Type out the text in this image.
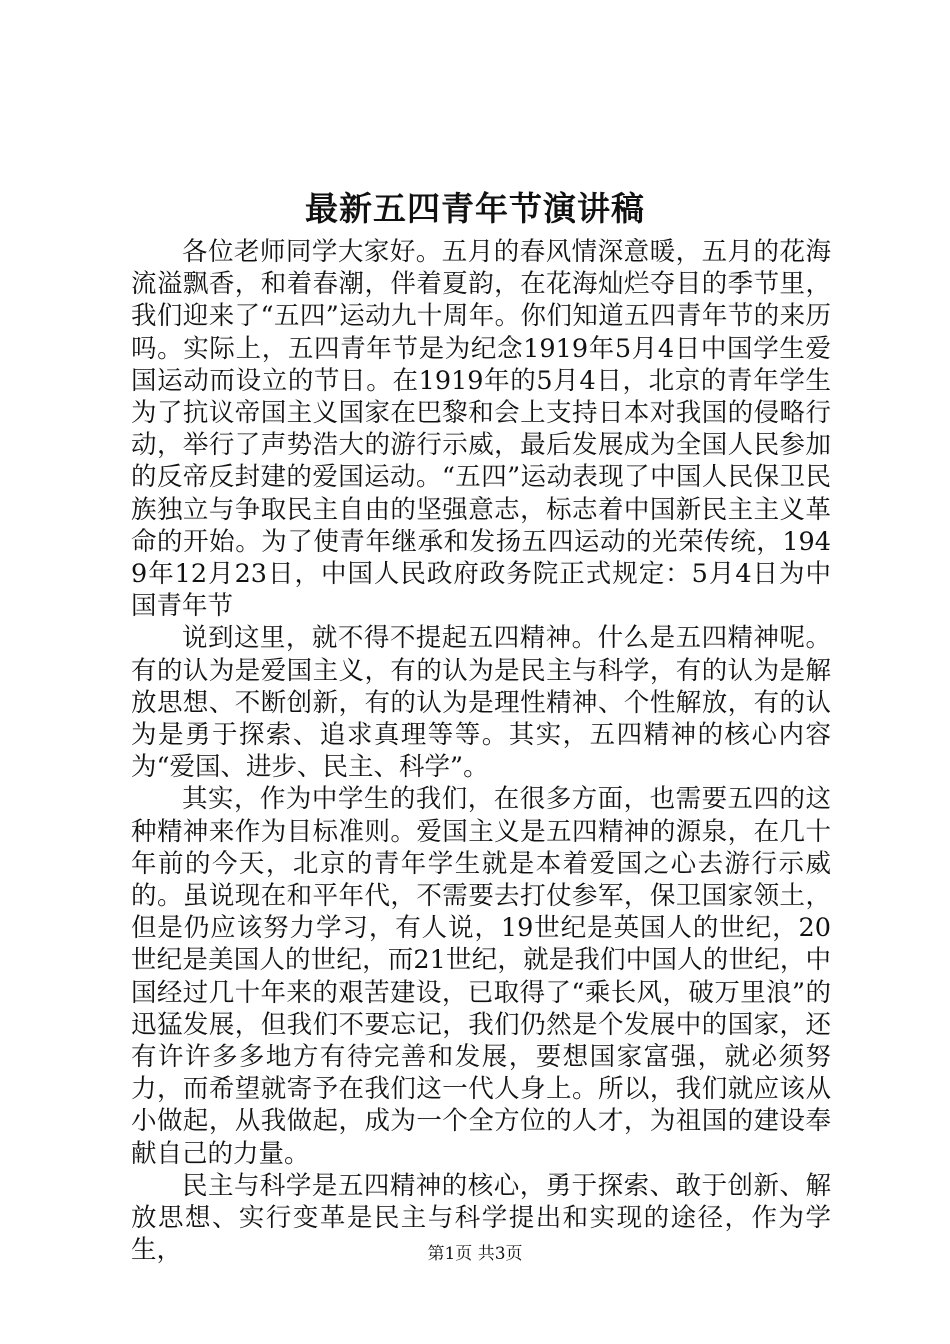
最新五四青年节演讲稿

各位老师同学大家好。五月的春风情深意暖，五月的花海流溢飘香，和着春潮，伴着夏韵，在花海灿烂夺目的季节里，我们迎来了“五四”运动九十周年。你们知道五四青年节的来历吗。实际上，五四青年节是为纪念1919年5月4日中国学生爱国运动而设立的节日。在1919年的5月4日，北京的青年学生为了抗议帝国主义国家在巴黎和会上支持日本对我国的侵略行动，举行了声势浩大的游行示威，最后发展成为全国人民参加的反帝反封建的爱国运动。“五四”运动表现了中国人民保卫民族独立与争取民主自由的坚强意志，标志着中国新民主主义革命的开始。为了使青年继承和发扬五四运动的光荣传统，1949年12月23日，中国人民政府政务院正式规定：5月4日为中国青年节

说到这里，就不得不提起五四精神。什么是五四精神呢。有的认为是爱国主义，有的认为是民主与科学，有的认为是解放思想、不断创新，有的认为是理性精神、个性解放，有的认为是勇于探索、追求真理等等。其实，五四精神的核心内容为“爱国、进步、民主、科学”。

其实，作为中学生的我们，在很多方面，也需要五四的这种精神来作为目标准则。爱国主义是五四精神的源泉，在几十年前的今天，北京的青年学生就是本着爱国之心去游行示威的。虽说现在和平年代，不需要去打仗参军，保卫国家领土，但是仍应该努力学习，有人说，19世纪是英国人的世纪，20世纪是美国人的世纪，而21世纪，就是我们中国人的世纪，中国经过几十年来的艰苦建设，已取得了“乘长风，破万里浪”的迅猛发展，但我们不要忘记，我们仍然是个发展中的国家，还有许许多多地方有待完善和发展，要想国家富强，就必须努力，而希望就寄予在我们这一代人身上。所以，我们就应该从小做起，从我做起，成为一个全方位的人才，为祖国的建设奉献自己的力量。

民主与科学是五四精神的核心，勇于探索、敢于创新、解放思想、实行变革是民主与科学提出和实现的途径，作为学生，	第1页 共3页
